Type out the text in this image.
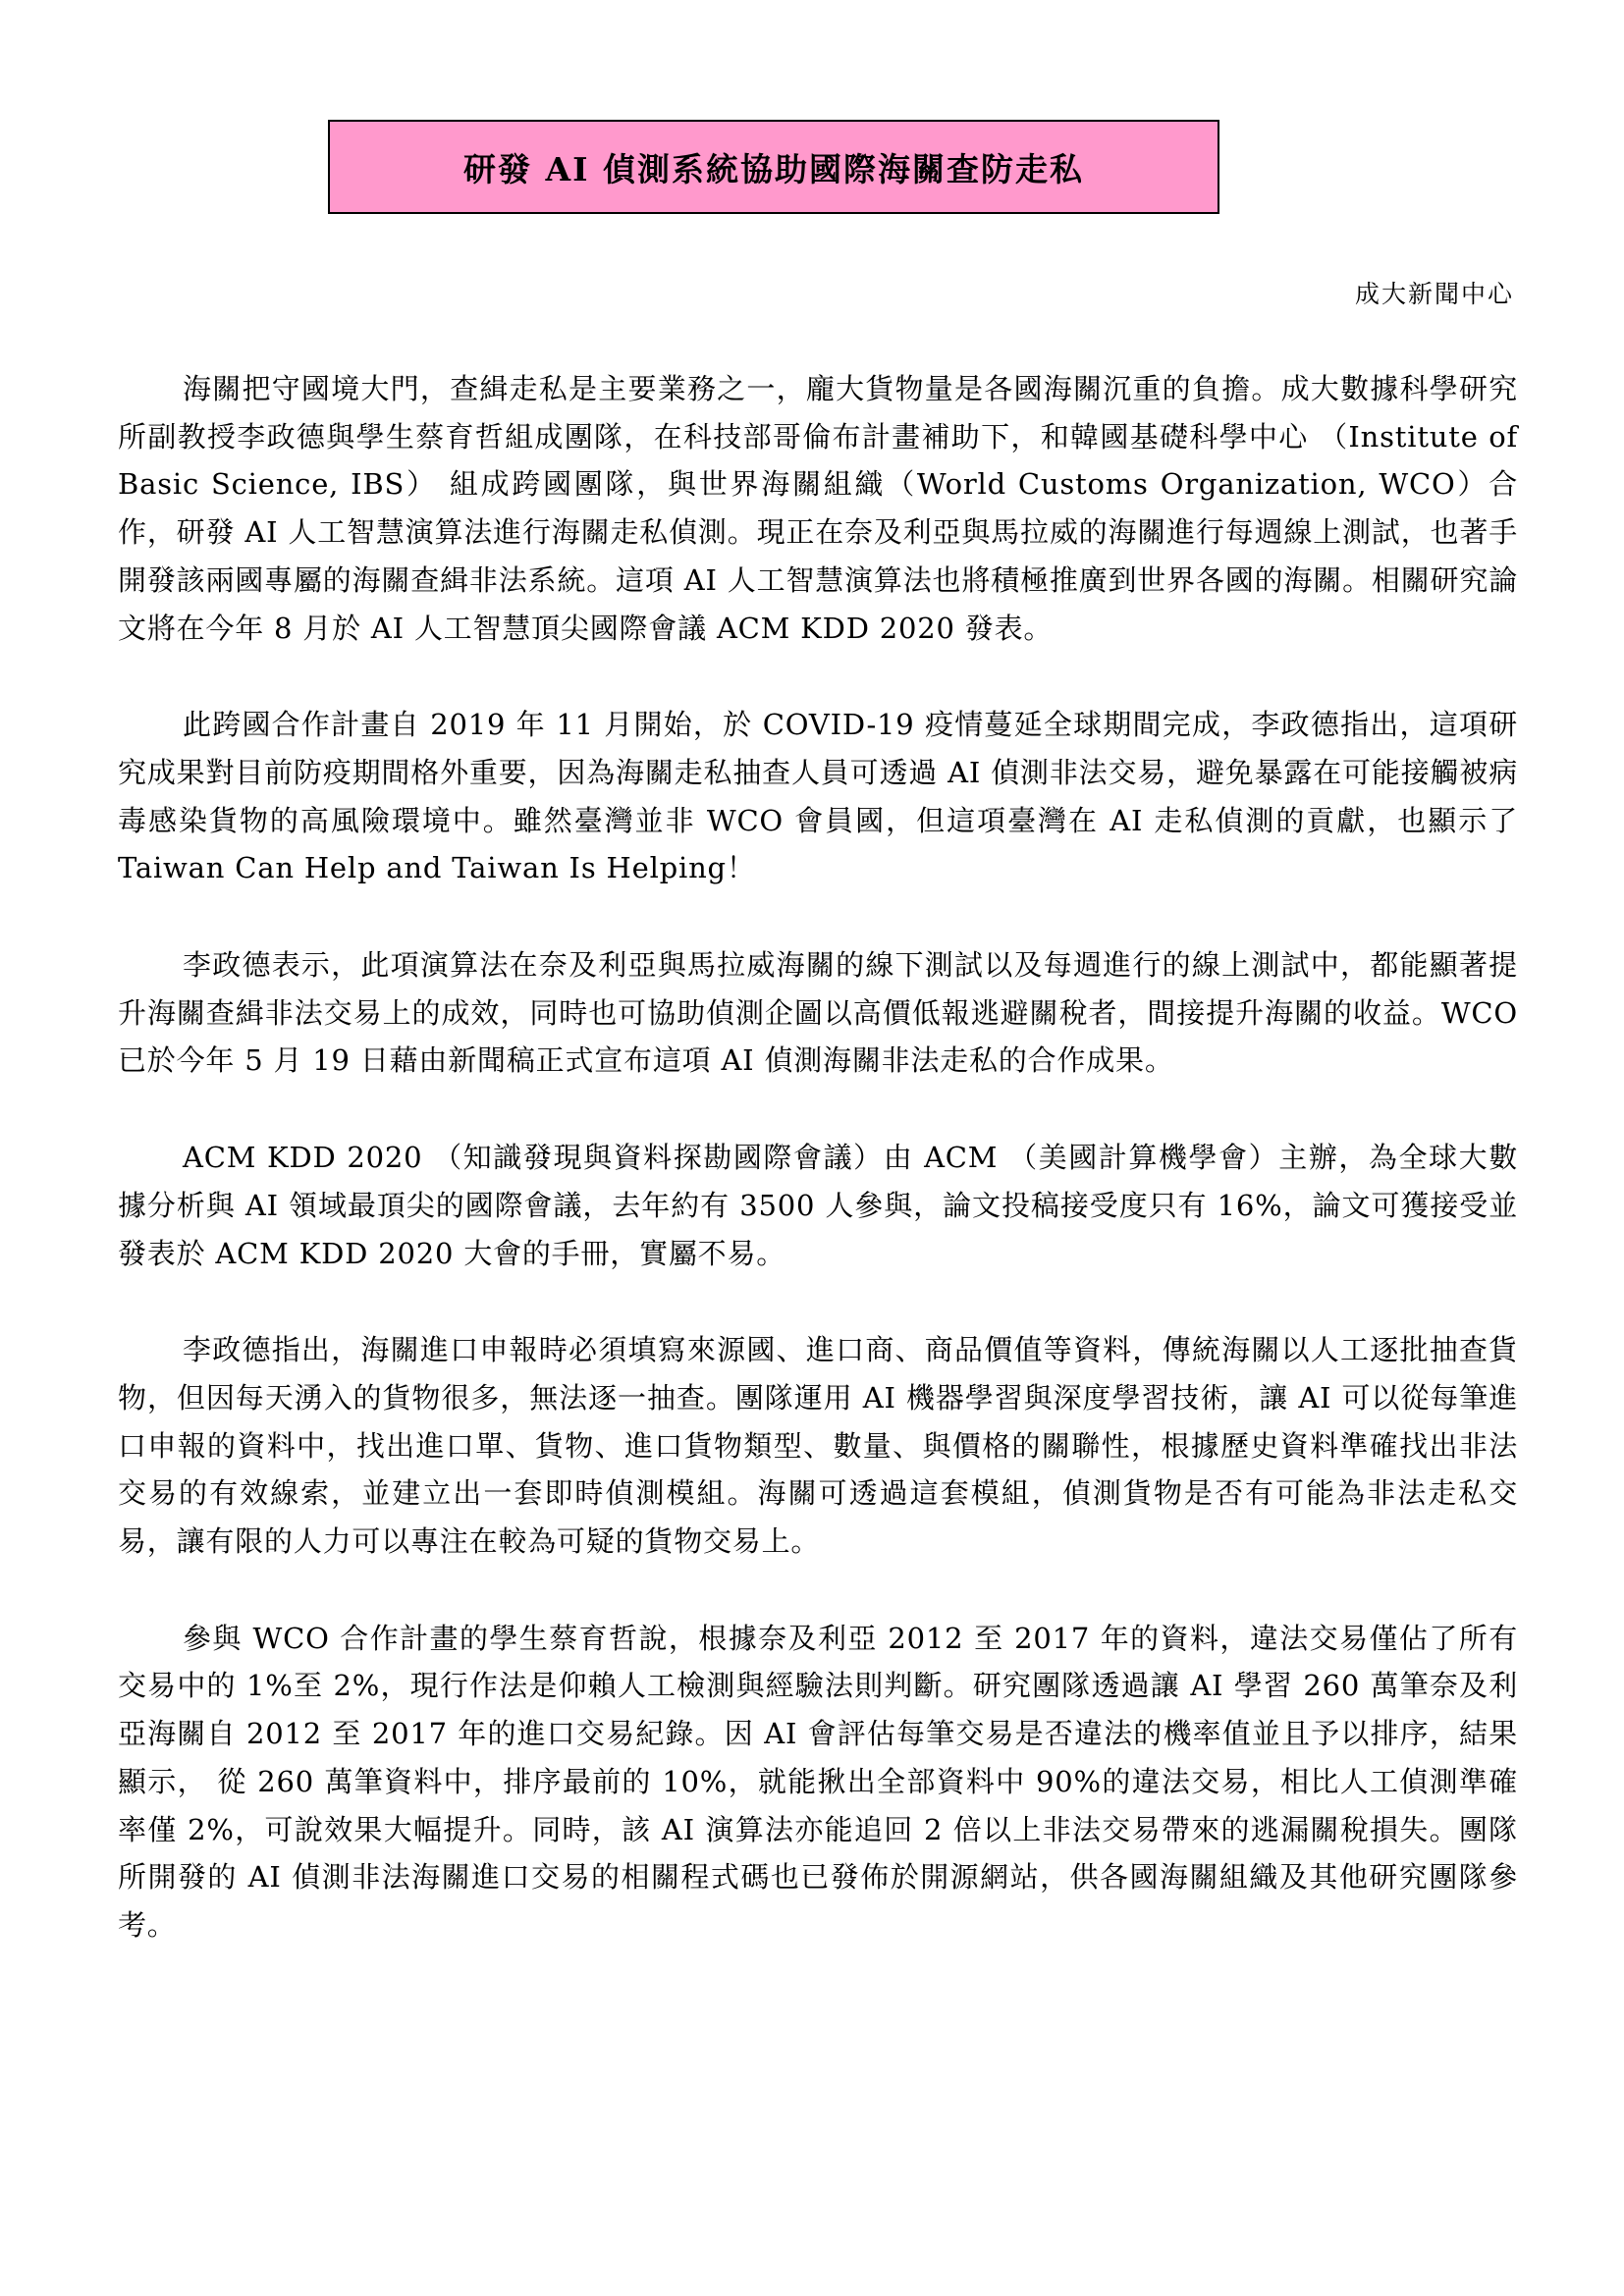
研發 AI 偵測系統協助國際海關查防走私
成大新聞中心

海關把守國境大門，查緝走私是主要業務之一，龐大貨物量是各國海關沉重的負擔。成大數據科學研究所副教授李政德與學生蔡育哲組成團隊，在科技部哥倫布計畫補助下，和韓國基礎科學中心 （Institute of Basic Science, IBS） 組成跨國團隊，與世界海關組織（World Customs Organization, WCO）合作，研發 AI 人工智慧演算法進行海關走私偵測。現正在奈及利亞與馬拉威的海關進行每週線上測試，也著手開發該兩國專屬的海關查緝非法系統。這項 AI 人工智慧演算法也將積極推廣到世界各國的海關。相關研究論文將在今年 8 月於 AI 人工智慧頂尖國際會議 ACM KDD 2020 發表。

此跨國合作計畫自 2019 年 11 月開始，於 COVID-19 疫情蔓延全球期間完成，李政德指出，這項研究成果對目前防疫期間格外重要，因為海關走私抽查人員可透過 AI 偵測非法交易，避免暴露在可能接觸被病毒感染貨物的高風險環境中。雖然臺灣並非 WCO 會員國，但這項臺灣在 AI 走私偵測的貢獻，也顯示了 Taiwan Can Help and Taiwan Is Helping！

李政德表示，此項演算法在奈及利亞與馬拉威海關的線下測試以及每週進行的線上測試中，都能顯著提升海關查緝非法交易上的成效，同時也可協助偵測企圖以高價低報逃避關稅者，間接提升海關的收益。WCO 已於今年 5 月 19 日藉由新聞稿正式宣布這項 AI 偵測海關非法走私的合作成果。

ACM KDD 2020 （知識發現與資料探勘國際會議）由 ACM （美國計算機學會）主辦，為全球大數據分析與 AI 領域最頂尖的國際會議，去年約有 3500 人參與，論文投稿接受度只有 16%，論文可獲接受並發表於 ACM KDD 2020 大會的手冊，實屬不易。

李政德指出，海關進口申報時必須填寫來源國、進口商、商品價值等資料，傳統海關以人工逐批抽查貨物，但因每天湧入的貨物很多，無法逐一抽查。團隊運用 AI 機器學習與深度學習技術，讓 AI 可以從每筆進口申報的資料中，找出進口單、貨物、進口貨物類型、數量、與價格的關聯性，根據歷史資料準確找出非法交易的有效線索，並建立出一套即時偵測模組。海關可透過這套模組，偵測貨物是否有可能為非法走私交易，讓有限的人力可以專注在較為可疑的貨物交易上。

參與 WCO 合作計畫的學生蔡育哲說，根據奈及利亞 2012 至 2017 年的資料，違法交易僅佔了所有交易中的 1%至 2%，現行作法是仰賴人工檢測與經驗法則判斷。研究團隊透過讓 AI 學習 260 萬筆奈及利亞海關自 2012 至 2017 年的進口交易紀錄。因 AI 會評估每筆交易是否違法的機率值並且予以排序，結果顯示， 從 260 萬筆資料中，排序最前的 10%，就能揪出全部資料中 90%的違法交易，相比人工偵測準確率僅 2%，可說效果大幅提升。同時，該 AI 演算法亦能追回 2 倍以上非法交易帶來的逃漏關稅損失。團隊所開發的 AI 偵測非法海關進口交易的相關程式碼也已發佈於開源網站，供各國海關組織及其他研究團隊參考。
